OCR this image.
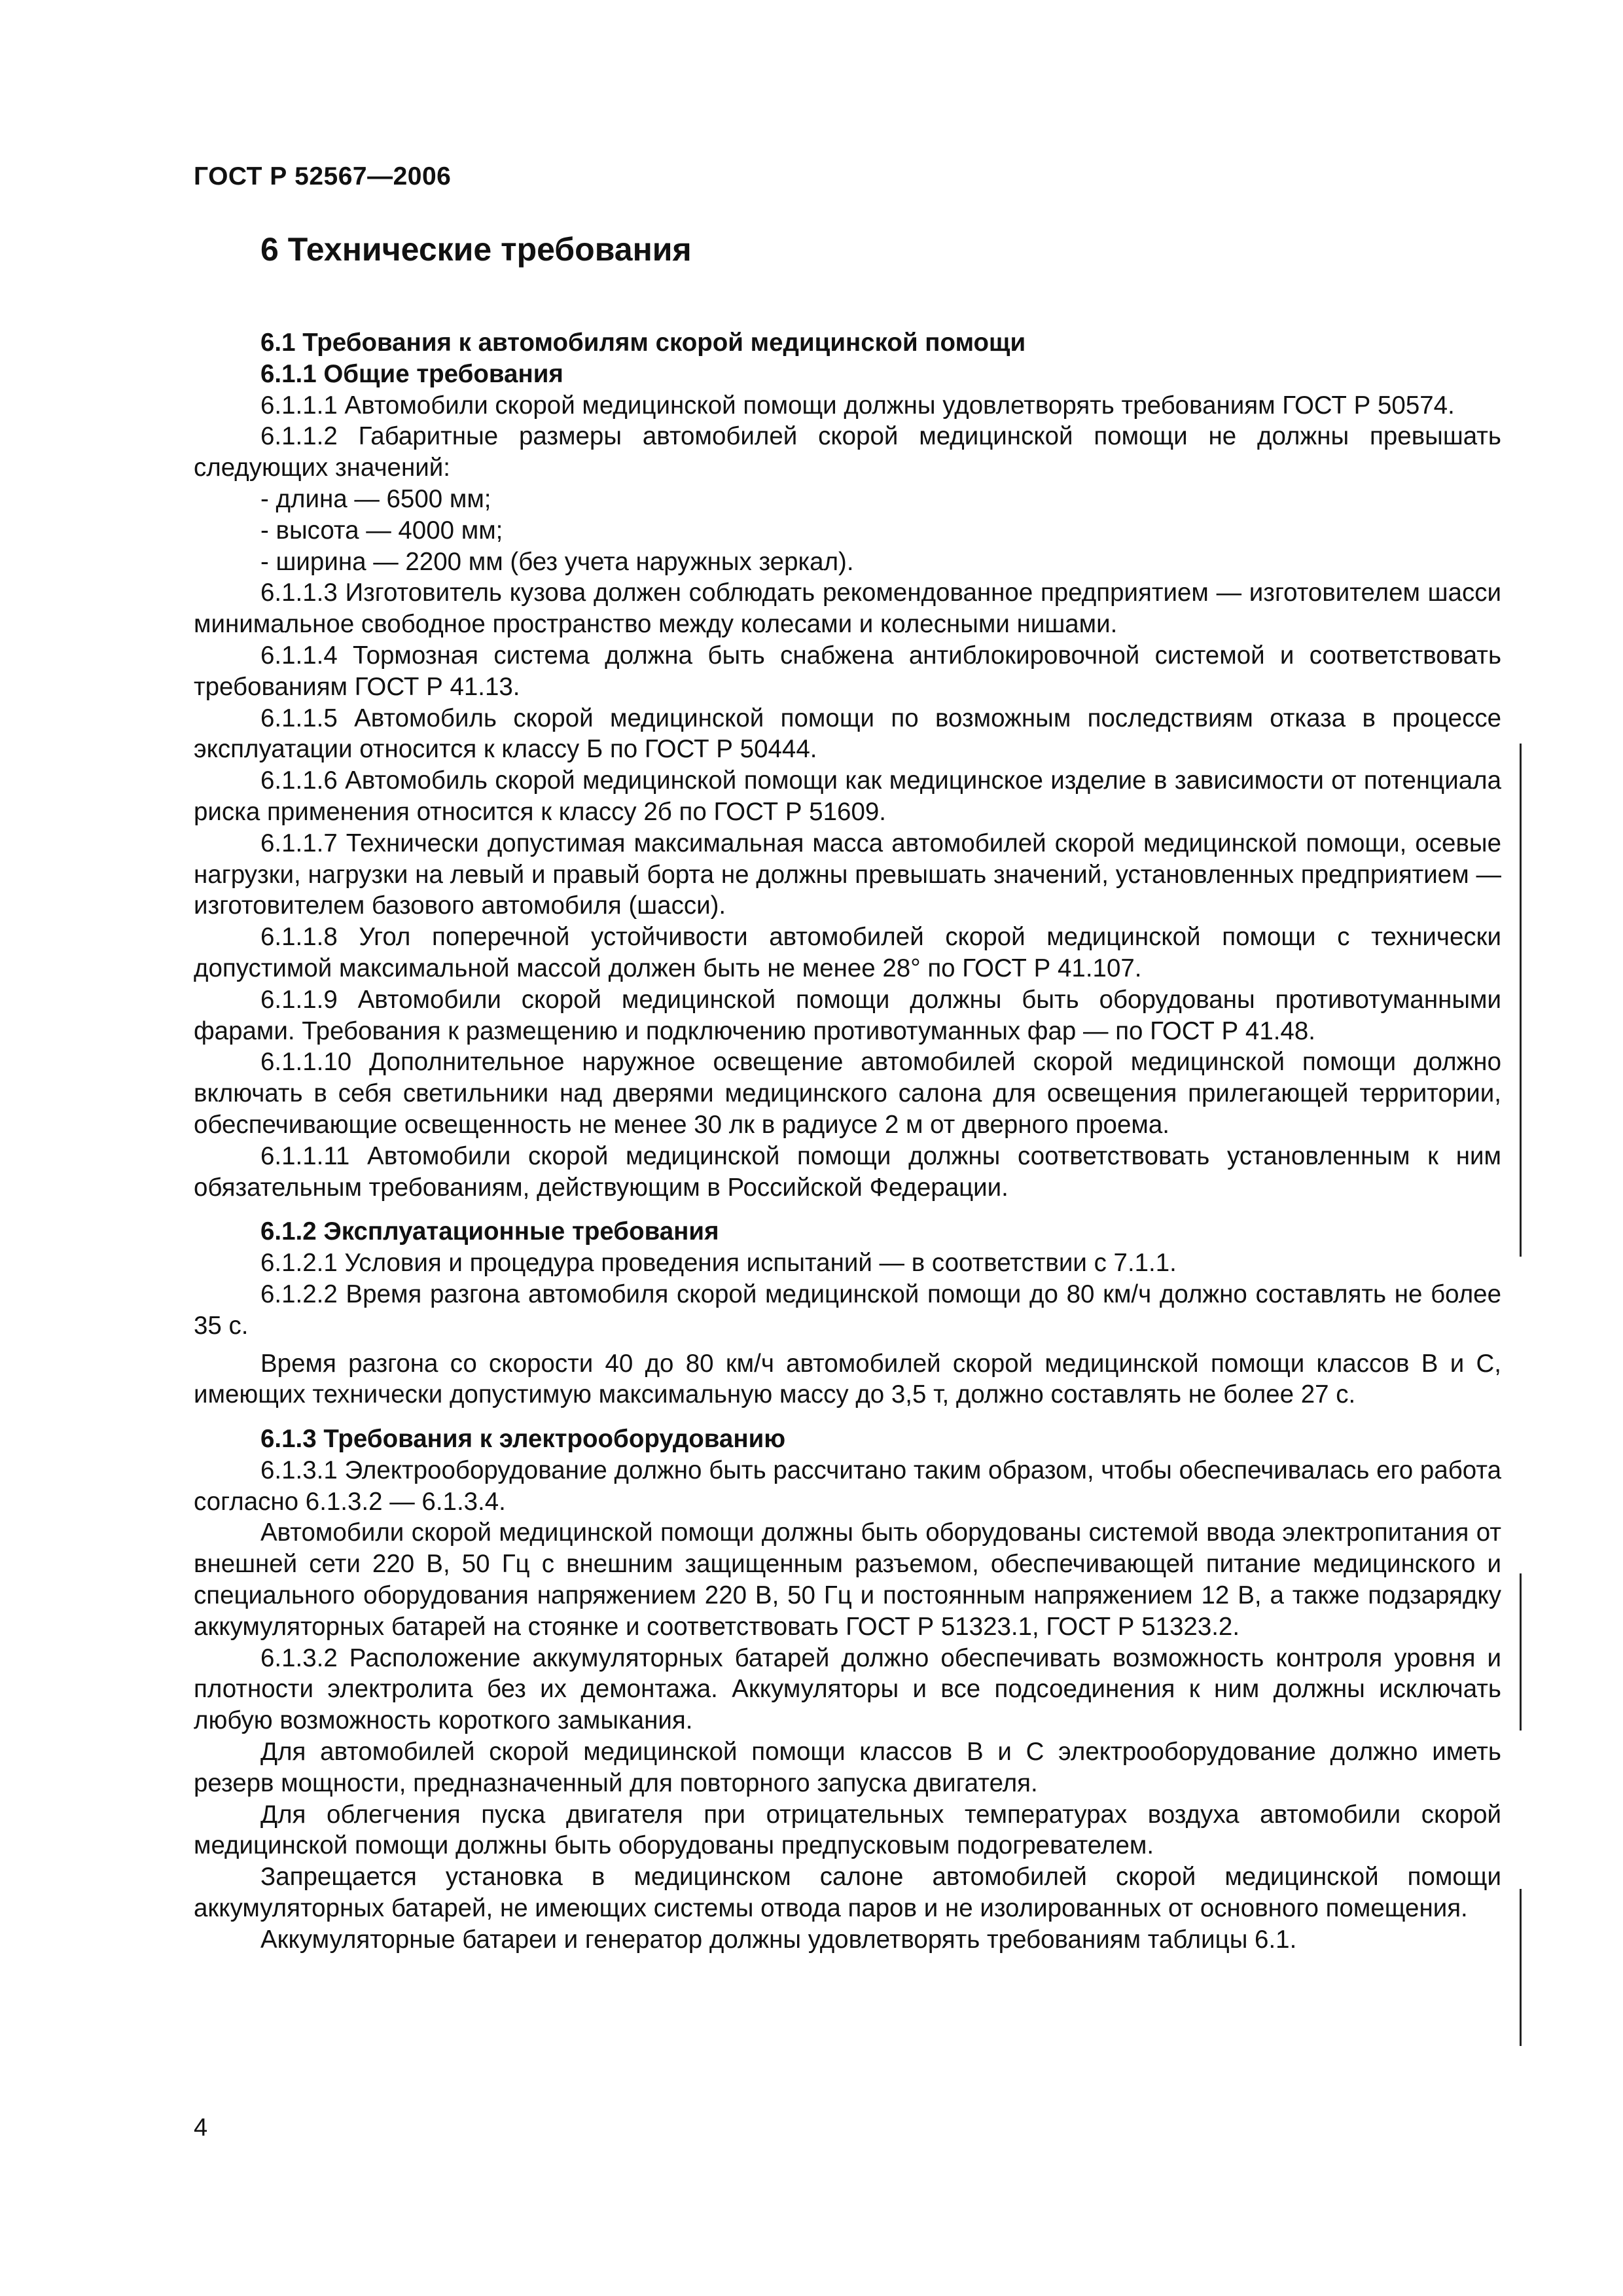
ГОСТ Р 52567—2006
6 Технические требования

6.1 Требования к автомобилям скорой медицинской помощи

6.1.1 Общие требования

6.1.1.1 Автомобили скорой медицинской помощи должны удовлетворять требованиям ГОСТ Р 50574.

6.1.1.2 Габаритные размеры автомобилей скорой медицинской помощи не должны превышать следующих значений:

- длина — 6500 мм;

- высота — 4000 мм;

- ширина — 2200 мм (без учета наружных зеркал).

6.1.1.3 Изготовитель кузова должен соблюдать рекомендованное предприятием — изготовителем шасси минимальное свободное пространство между колесами и колесными нишами.

6.1.1.4 Тормозная система должна быть снабжена антиблокировочной системой и соответствовать требованиям ГОСТ Р 41.13.

6.1.1.5 Автомобиль скорой медицинской помощи по возможным последствиям отказа в процессе эксплуатации относится к классу Б по ГОСТ Р 50444.

6.1.1.6 Автомобиль скорой медицинской помощи как медицинское изделие в зависимости от потенциала риска применения относится к классу 2б по ГОСТ Р 51609.

6.1.1.7 Технически допустимая максимальная масса автомобилей скорой медицинской помощи, осевые нагрузки, нагрузки на левый и правый борта не должны превышать значений, установленных предприятием — изготовителем базового автомобиля (шасси).

6.1.1.8 Угол поперечной устойчивости автомобилей скорой медицинской помощи с технически допустимой максимальной массой должен быть не менее 28° по ГОСТ Р 41.107.

6.1.1.9 Автомобили скорой медицинской помощи должны быть оборудованы противотуманными фарами. Требования к размещению и подключению противотуманных фар — по ГОСТ Р 41.48.

6.1.1.10 Дополнительное наружное освещение автомобилей скорой медицинской помощи должно включать в себя светильники над дверями медицинского салона для освещения прилегающей территории, обеспечивающие освещенность не менее 30 лк в радиусе 2 м от дверного проема.

6.1.1.11 Автомобили скорой медицинской помощи должны соответствовать установленным к ним обязательным требованиям, действующим в Российской Федерации.

6.1.2 Эксплуатационные требования

6.1.2.1 Условия и процедура проведения испытаний — в соответствии с 7.1.1.

6.1.2.2 Время разгона автомобиля скорой медицинской помощи до 80 км/ч должно составлять не более 35 с.

Время разгона со скорости 40 до 80 км/ч автомобилей скорой медицинской помощи классов В и С, имеющих технически допустимую максимальную массу до 3,5 т, должно составлять не более 27 с.

6.1.3 Требования к электрооборудованию

6.1.3.1 Электрооборудование должно быть рассчитано таким образом, чтобы обеспечивалась его работа согласно 6.1.3.2 — 6.1.3.4.

Автомобили скорой медицинской помощи должны быть оборудованы системой ввода электропитания от внешней сети 220 В, 50 Гц с внешним защищенным разъемом, обеспечивающей питание медицинского и специального оборудования напряжением 220 В, 50 Гц и постоянным напряжением 12 В, а также подзарядку аккумуляторных батарей на стоянке и соответствовать ГОСТ Р 51323.1, ГОСТ Р 51323.2.

6.1.3.2 Расположение аккумуляторных батарей должно обеспечивать возможность контроля уровня и плотности электролита без их демонтажа. Аккумуляторы и все подсоединения к ним должны исключать любую возможность короткого замыкания.

Для автомобилей скорой медицинской помощи классов В и С электрооборудование должно иметь резерв мощности, предназначенный для повторного запуска двигателя.

Для облегчения пуска двигателя при отрицательных температурах воздуха автомобили скорой медицинской помощи должны быть оборудованы предпусковым подогревателем.

Запрещается установка в медицинском салоне автомобилей скорой медицинской помощи аккумуляторных батарей, не имеющих системы отвода паров и не изолированных от основного помещения.

Аккумуляторные батареи и генератор должны удовлетворять требованиям таблицы 6.1.

4
